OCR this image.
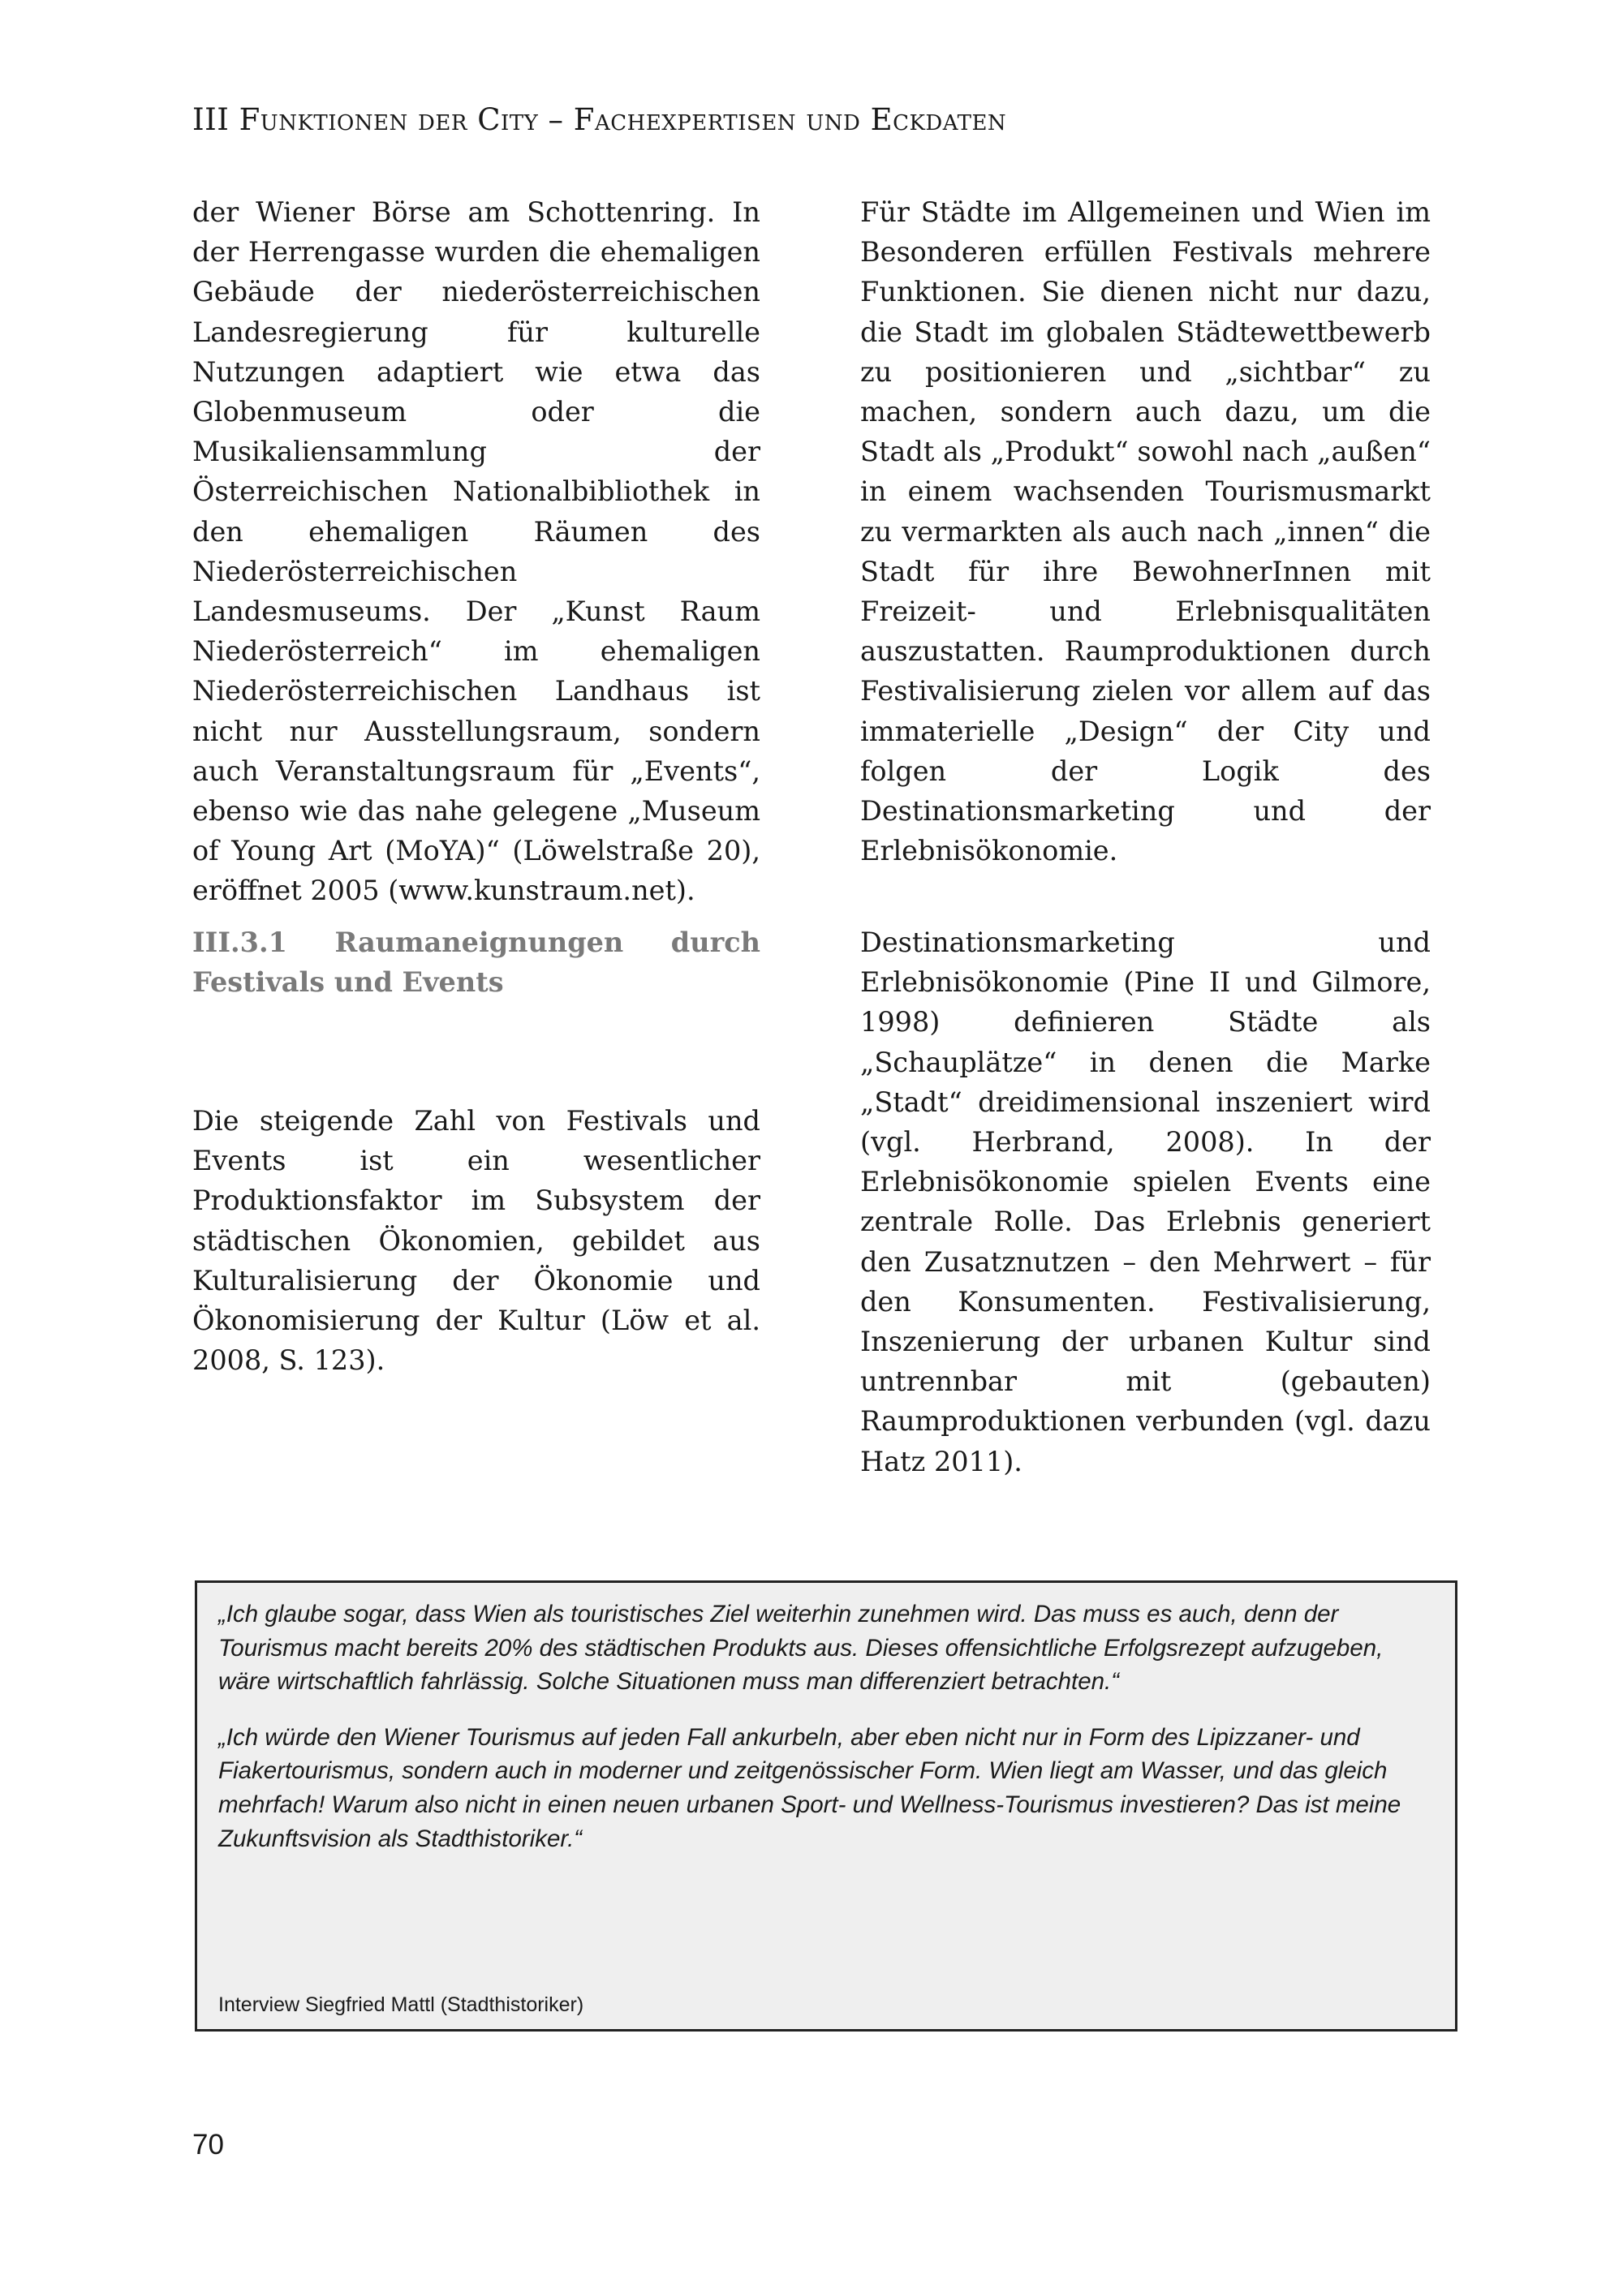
III Funktionen der City – Fachexpertisen und Eckdaten

der Wiener Börse am Schottenring. In der Herrengasse wurden die ehemaligen Gebäude der niederösterreichischen Landesregierung für kulturelle Nutzungen adaptiert wie etwa das Globenmuseum oder die Musikaliensammlung der Österreichischen Nationalbibliothek in den ehemaligen Räumen des Niederösterreichischen Landesmuseums. Der „Kunst Raum Niederösterreich“ im ehemaligen Niederösterreichischen Landhaus ist nicht nur Ausstellungsraum, sondern auch Veranstaltungsraum für „Events“, ebenso wie das nahe gelegene „Museum of Young Art (MoYA)“ (Löwelstraße 20), eröffnet 2005 (www.kunstraum.net).

Für Städte im Allgemeinen und Wien im Besonderen erfüllen Festivals mehrere Funktionen. Sie dienen nicht nur dazu, die Stadt im globalen Städtewettbewerb zu positionieren und „sichtbar“ zu machen, sondern auch dazu, um die Stadt als „Produkt“ sowohl nach „außen“ in einem wachsenden Tourismusmarkt zu vermarkten als auch nach „innen“ die Stadt für ihre BewohnerInnen mit Freizeit- und Erlebnisqualitäten auszustatten. Raumproduktionen durch Festivalisierung zielen vor allem auf das immaterielle „Design“ der City und folgen der Logik des Destinationsmarketing und der Erlebnisökonomie.

III.3.1 Raumaneignungen durch Festivals und Events

Die steigende Zahl von Festivals und Events ist ein wesentlicher Produktionsfaktor im Subsystem der städtischen Ökonomien, gebildet aus Kulturalisierung der Ökonomie und Ökonomisierung der Kultur (Löw et al. 2008, S. 123).

Destinationsmarketing und Erlebnisökonomie (Pine II und Gilmore, 1998) definieren Städte als „Schauplätze“ in denen die Marke „Stadt“ dreidimensional inszeniert wird (vgl. Herbrand, 2008). In der Erlebnisökonomie spielen Events eine zentrale Rolle. Das Erlebnis generiert den Zusatznutzen – den Mehrwert – für den Konsumenten. Festivalisierung, Inszenierung der urbanen Kultur sind untrennbar mit (gebauten) Raumproduktionen verbunden (vgl. dazu Hatz 2011).

„Ich glaube sogar, dass Wien als touristisches Ziel weiterhin zunehmen wird. Das muss es auch, denn der Tourismus macht bereits 20% des städtischen Produkts aus. Dieses offensichtliche Erfolgsrezept aufzugeben, wäre wirtschaftlich fahrlässig. Solche Situationen muss man differenziert betrachten.“

„Ich würde den Wiener Tourismus auf jeden Fall ankurbeln, aber eben nicht nur in Form des Lipizzaner- und Fiakertourismus, sondern auch in moderner und zeitgenössischer Form. Wien liegt am Wasser, und das gleich mehrfach! Warum also nicht in einen neuen urbanen Sport- und Wellness-Tourismus investieren? Das ist meine Zukunftsvision als Stadthistoriker.“

Interview Siegfried Mattl (Stadthistoriker)
70
